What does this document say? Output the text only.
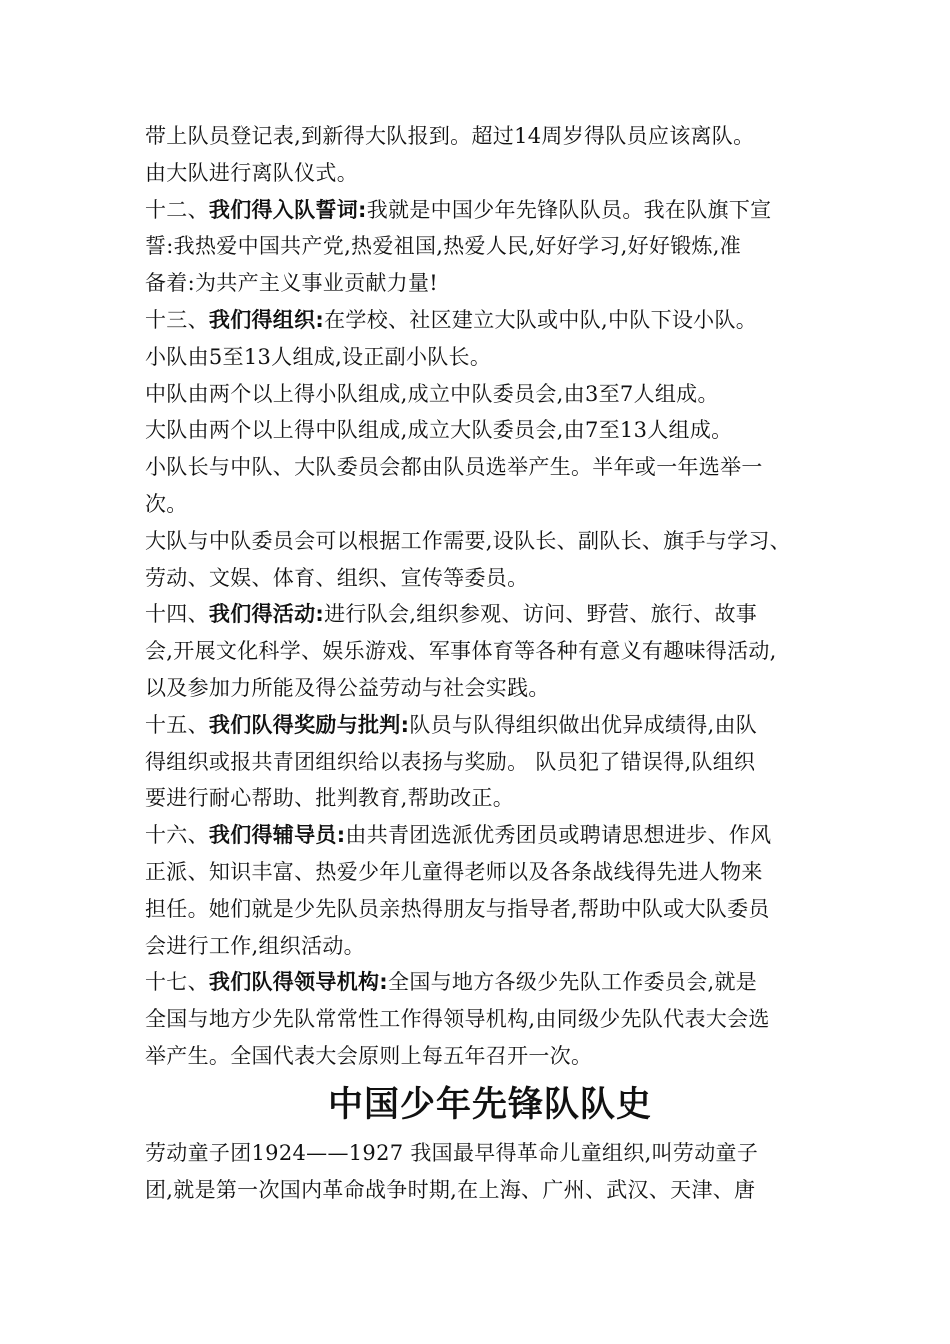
带上队员登记表,到新得大队报到。超过14周岁得队员应该离队。
由大队进行离队仪式。
十二、我们得入队誓词:我就是中国少年先锋队队员。我在队旗下宣
誓:我热爱中国共产党,热爱祖国,热爱人民,好好学习,好好锻炼,准
备着:为共产主义事业贡献力量!
十三、我们得组织:在学校、社区建立大队或中队,中队下设小队。
小队由5至13人组成,设正副小队长。
中队由两个以上得小队组成,成立中队委员会,由3至7人组成。
大队由两个以上得中队组成,成立大队委员会,由7至13人组成。
小队长与中队、大队委员会都由队员选举产生。半年或一年选举一
次。
大队与中队委员会可以根据工作需要,设队长、副队长、旗手与学习、
劳动、文娱、体育、组织、宣传等委员。
十四、我们得活动:进行队会,组织参观、访问、野营、旅行、故事
会,开展文化科学、娱乐游戏、军事体育等各种有意义有趣味得活动,
以及参加力所能及得公益劳动与社会实践。
十五、我们队得奖励与批判:队员与队得组织做出优异成绩得,由队
得组织或报共青团组织给以表扬与奖励。 队员犯了错误得,队组织
要进行耐心帮助、批判教育,帮助改正。
十六、我们得辅导员:由共青团选派优秀团员或聘请思想进步、作风
正派、知识丰富、热爱少年儿童得老师以及各条战线得先进人物来
担任。她们就是少先队员亲热得朋友与指导者,帮助中队或大队委员
会进行工作,组织活动。
十七、我们队得领导机构:全国与地方各级少先队工作委员会,就是
全国与地方少先队常常性工作得领导机构,由同级少先队代表大会选
举产生。全国代表大会原则上每五年召开一次。
中国少年先锋队队史
劳动童子团1924——1927 我国最早得革命儿童组织,叫劳动童子
团,就是第一次国内革命战争时期,在上海、广州、武汉、天津、唐
